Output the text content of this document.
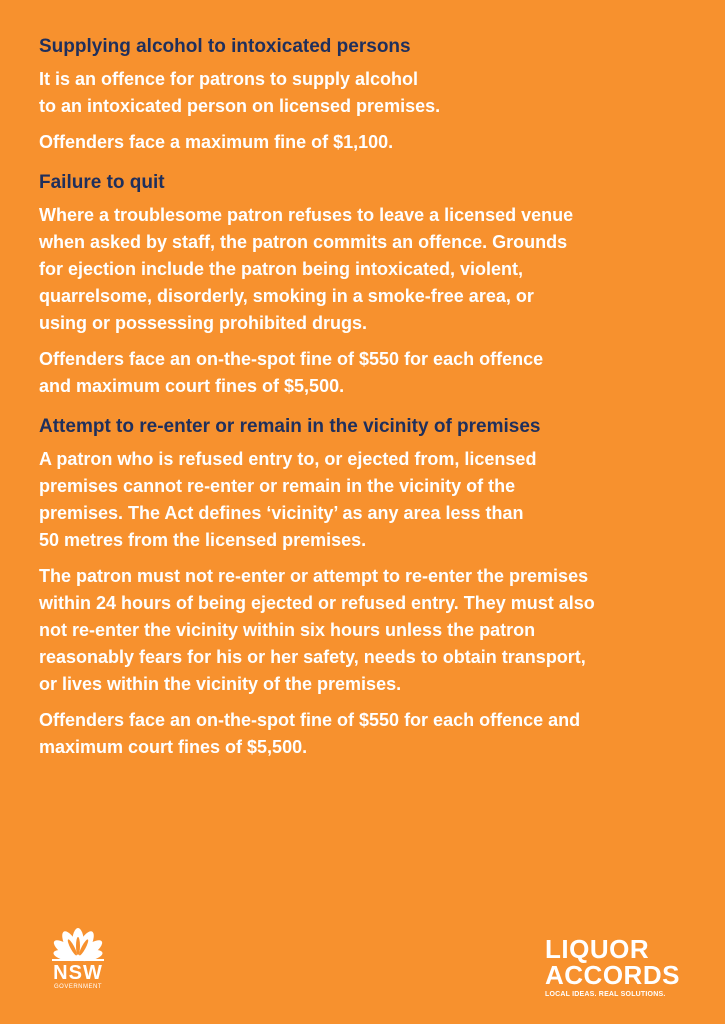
Supplying alcohol to intoxicated persons

It is an offence for patrons to supply alcohol
to an intoxicated person on licensed premises.

Offenders face a maximum fine of $1,100.

Failure to quit

Where a troublesome patron refuses to leave a licensed venue
when asked by staff, the patron commits an offence. Grounds
for ejection include the patron being intoxicated, violent,
quarrelsome, disorderly, smoking in a smoke-free area, or
using or possessing prohibited drugs.

Offenders face an on-the-spot fine of $550 for each offence
and maximum court fines of $5,500.

Attempt to re-enter or remain in the vicinity of premises

A patron who is refused entry to, or ejected from, licensed
premises cannot re-enter or remain in the vicinity of the
premises. The Act defines ‘vicinity’ as any area less than
50 metres from the licensed premises.

The patron must not re-enter or attempt to re-enter the premises
within 24 hours of being ejected or refused entry. They must also
not re-enter the vicinity within six hours unless the patron
reasonably fears for his or her safety, needs to obtain transport,
or lives within the vicinity of the premises.

Offenders face an on-the-spot fine of $550 for each offence and
maximum court fines of $5,500.

NSW
GOVERNMENT
LIQUOR
ACCORDS
LOCAL IDEAS. REAL SOLUTIONS.
